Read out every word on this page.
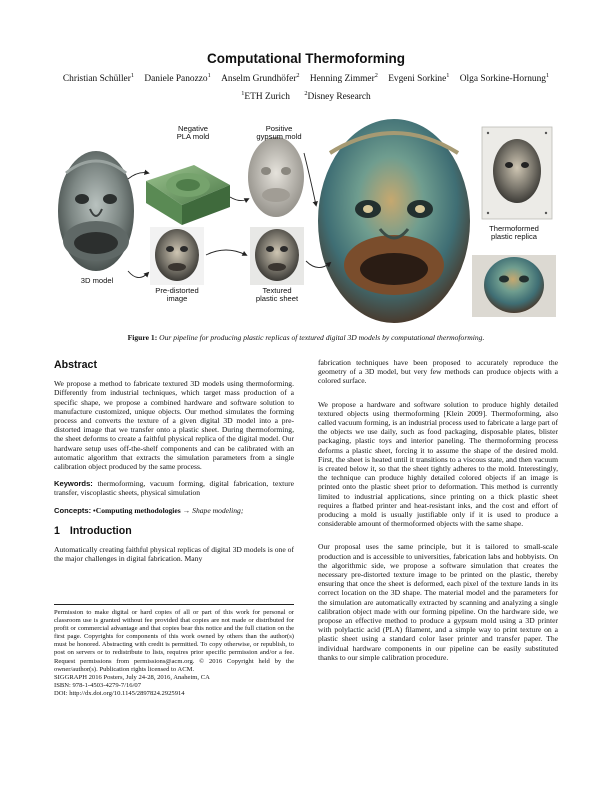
Computational Thermoforming
Christian Schüller$^1$ Daniele Panozzo$^1$ Anselm Grundhöfer$^2$ Henning Zimmer$^2$ Evgeni Sorkine$^1$ Olga Sorkine-Hornung$^1$
$^1$ETH Zurich $^2$Disney Research
Negative
PLA mold
Positive
gypsum mold
3D model
Pre-distorted
image
Textured
plastic sheet
Thermoformed
plastic replica
Figure 1: Our pipeline for producing plastic replicas of textured digital 3D models by computational thermoforming.
Abstract

We propose a method to fabricate textured 3D models using thermoforming. Differently from industrial techniques, which target mass production of a specific shape, we propose a combined hardware and software solution to manufacture customized, unique objects. Our method simulates the forming process and converts the texture of a given digital 3D model into a pre-distorted image that we transfer onto a plastic sheet. During thermoforming, the sheet deforms to create a faithful physical replica of the digital model. Our hardware setup uses off-the-shelf components and can be calibrated with an automatic algorithm that extracts the simulation parameters from a single calibration object produced by the same process.

Keywords: thermoforming, vacuum forming, digital fabrication, texture transfer, viscoplastic sheets, physical simulation

Concepts: •Computing methodologies → Shape modeling;

1 Introduction

Automatically creating faithful physical replicas of digital 3D models is one of the major challenges in digital fabrication. Many

Permission to make digital or hard copies of all or part of this work for personal or classroom use is granted without fee provided that copies are not made or distributed for profit or commercial advantage and that copies bear this notice and the full citation on the first page. Copyrights for components of this work owned by others than the author(s) must be honored. Abstracting with credit is permitted. To copy otherwise, or republish, to post on servers or to redistribute to lists, requires prior specific permission and/or a fee. Request permissions from permissions@acm.org. © 2016 Copyright held by the owner/author(s). Publication rights licensed to ACM.
SIGGRAPH 2016 Posters, July 24-28, 2016, Anaheim, CA
ISBN: 978-1-4503-4279-7/16/07
DOI: http://dx.doi.org/10.1145/2897824.2925914

fabrication techniques have been proposed to accurately reproduce the geometry of a 3D model, but very few methods can produce objects with a colored surface.

We propose a hardware and software solution to produce highly detailed textured objects using thermoforming [Klein 2009]. Thermoforming, also called vacuum forming, is an industrial process used to fabricate a large part of the objects we use daily, such as food packaging, disposable plates, blister packaging, plastic toys and interior paneling. The thermoforming process deforms a plastic sheet, forcing it to assume the shape of the desired mold. First, the sheet is heated until it transitions to a viscous state, and then vacuum is created below it, so that the sheet tightly adheres to the mold. Interestingly, the technique can produce highly detailed colored objects if an image is printed onto the plastic sheet prior to deformation. This method is currently limited to industrial applications, since printing on a thick plastic sheet requires a flatbed printer and heat-resistant inks, and the cost and effort of producing a mold is usually justifiable only if it is used to produce a considerable amount of thermoformed objects with the same shape.

Our proposal uses the same principle, but it is tailored to small-scale production and is accessible to universities, fabrication labs and hobbyists. On the algorithmic side, we propose a software simulation that creates the necessary pre-distorted texture image to be printed on the plastic, thereby ensuring that once the sheet is deformed, each pixel of the texture lands in its correct location on the 3D shape. The material model and the parameters for the simulation are automatically extracted by scanning and analyzing a single calibration object made with our forming pipeline. On the hardware side, we propose an effective method to produce a gypsum mold using a 3D printer with polylactic acid (PLA) filament, and a simple way to print texture on a plastic sheet using a standard color laser printer and transfer paper. The individual hardware components in our pipeline can be easily substituted thanks to our simple calibration procedure.
